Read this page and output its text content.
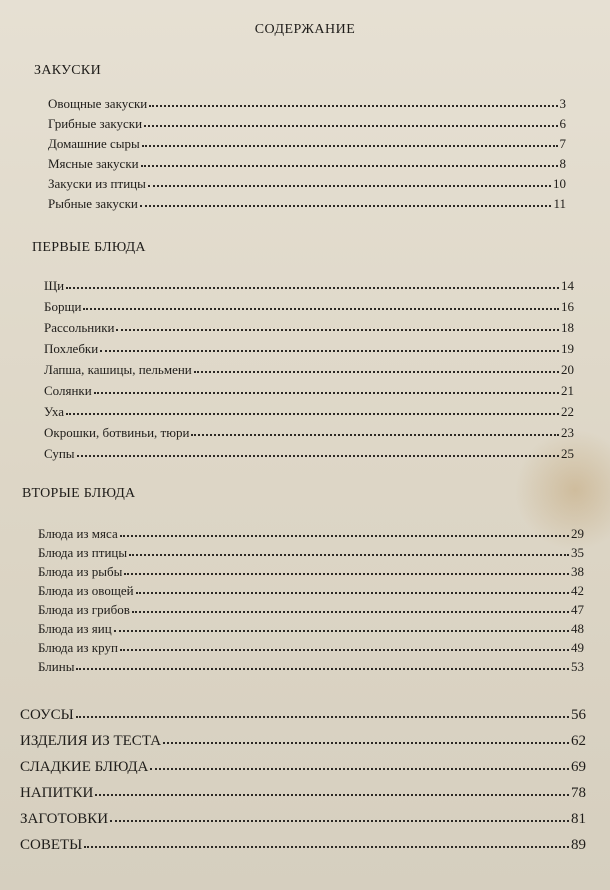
СОДЕРЖАНИЕ
ЗАКУСКИ
Овощные закуски	3
Грибные закуски	6
Домашние сыры	7
Мясные закуски	8
Закуски из птицы	10
Рыбные закуски	11
ПЕРВЫЕ БЛЮДА
Щи	14
Борщи	16
Рассольники	18
Похлебки	19
Лапша, кашицы, пельмени	20
Солянки	21
Уха	22
Окрошки, ботвиньи, тюри	23
Супы	25
ВТОРЫЕ БЛЮДА
Блюда из мяса	29
Блюда из птицы	35
Блюда из рыбы	38
Блюда из овощей	42
Блюда из грибов	47
Блюда из яиц	48
Блюда из круп	49
Блины	53
СОУСЫ	56
ИЗДЕЛИЯ ИЗ ТЕСТА	62
СЛАДКИЕ БЛЮДА	69
НАПИТКИ	78
ЗАГОТОВКИ	81
СОВЕТЫ	89
